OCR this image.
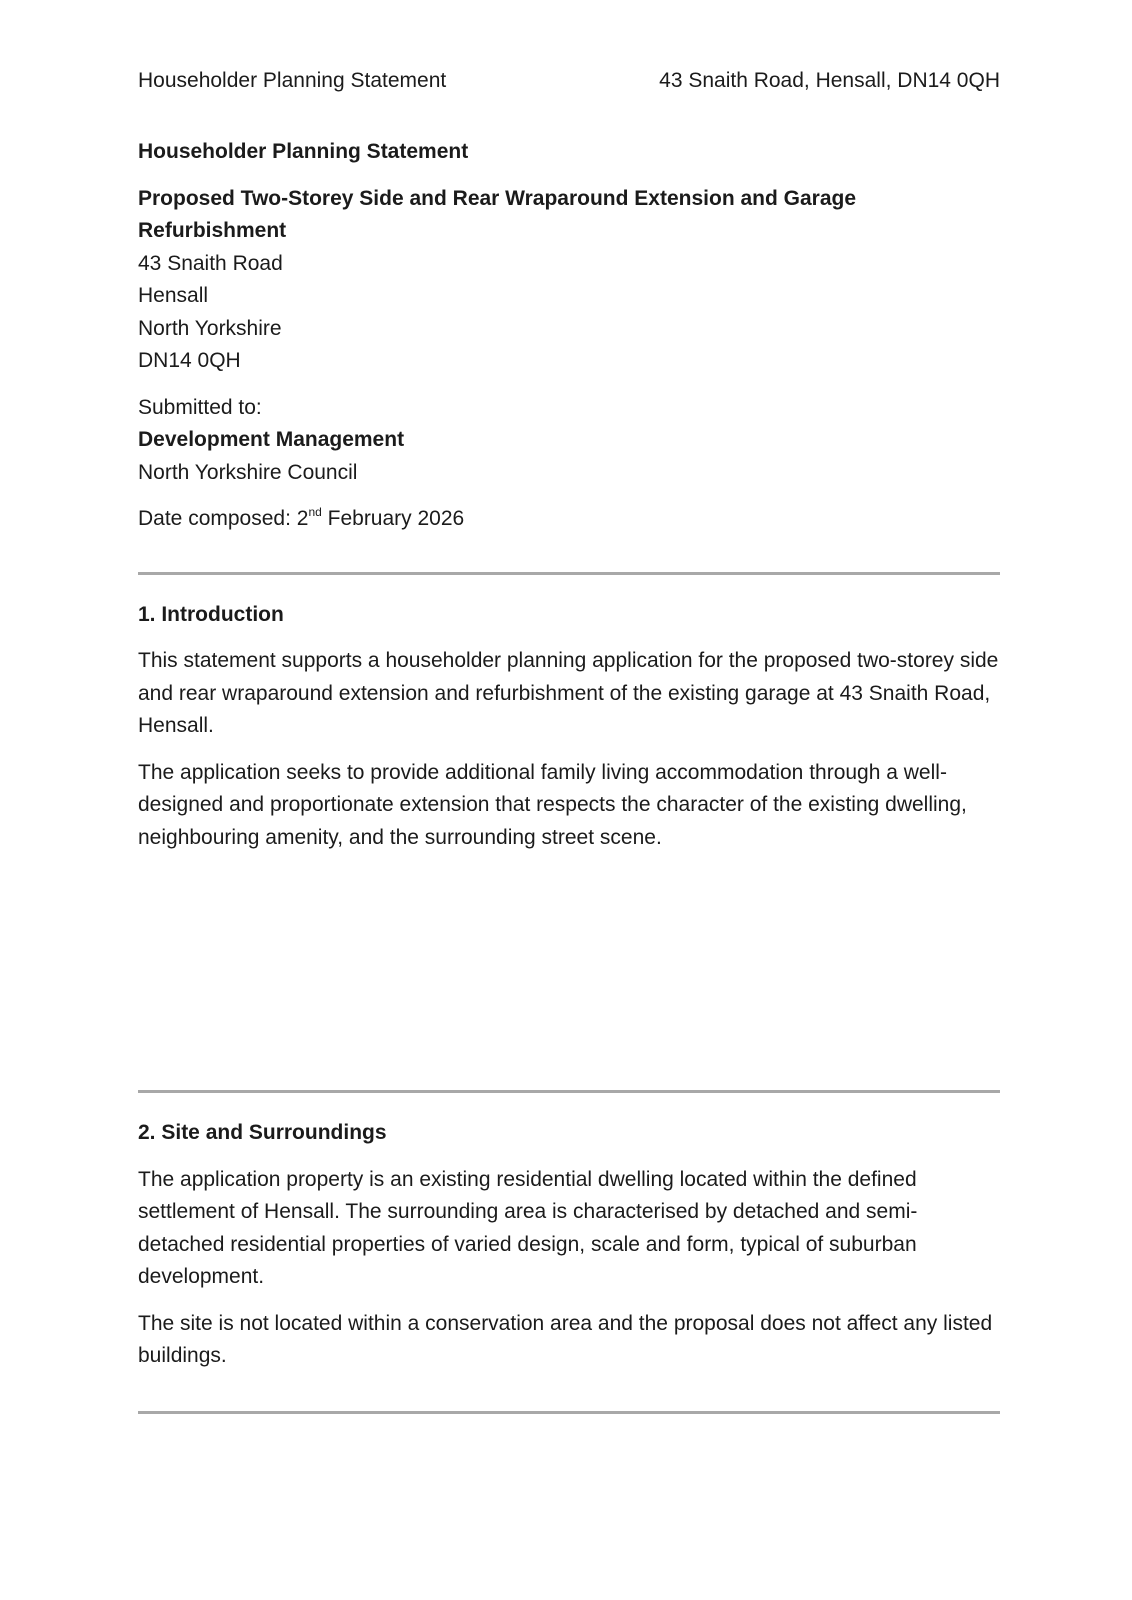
Householder Planning Statement	43 Snaith Road, Hensall, DN14 0QH
Householder Planning Statement
Proposed Two-Storey Side and Rear Wraparound Extension and Garage Refurbishment
43 Snaith Road
Hensall
North Yorkshire
DN14 0QH
Submitted to:
Development Management
North Yorkshire Council
Date composed: 2nd February 2026
1. Introduction

This statement supports a householder planning application for the proposed two-storey side and rear wraparound extension and refurbishment of the existing garage at 43 Snaith Road, Hensall.

The application seeks to provide additional family living accommodation through a well-designed and proportionate extension that respects the character of the existing dwelling, neighbouring amenity, and the surrounding street scene.

2. Site and Surroundings

The application property is an existing residential dwelling located within the defined settlement of Hensall. The surrounding area is characterised by detached and semi-detached residential properties of varied design, scale and form, typical of suburban development.

The site is not located within a conservation area and the proposal does not affect any listed buildings.
